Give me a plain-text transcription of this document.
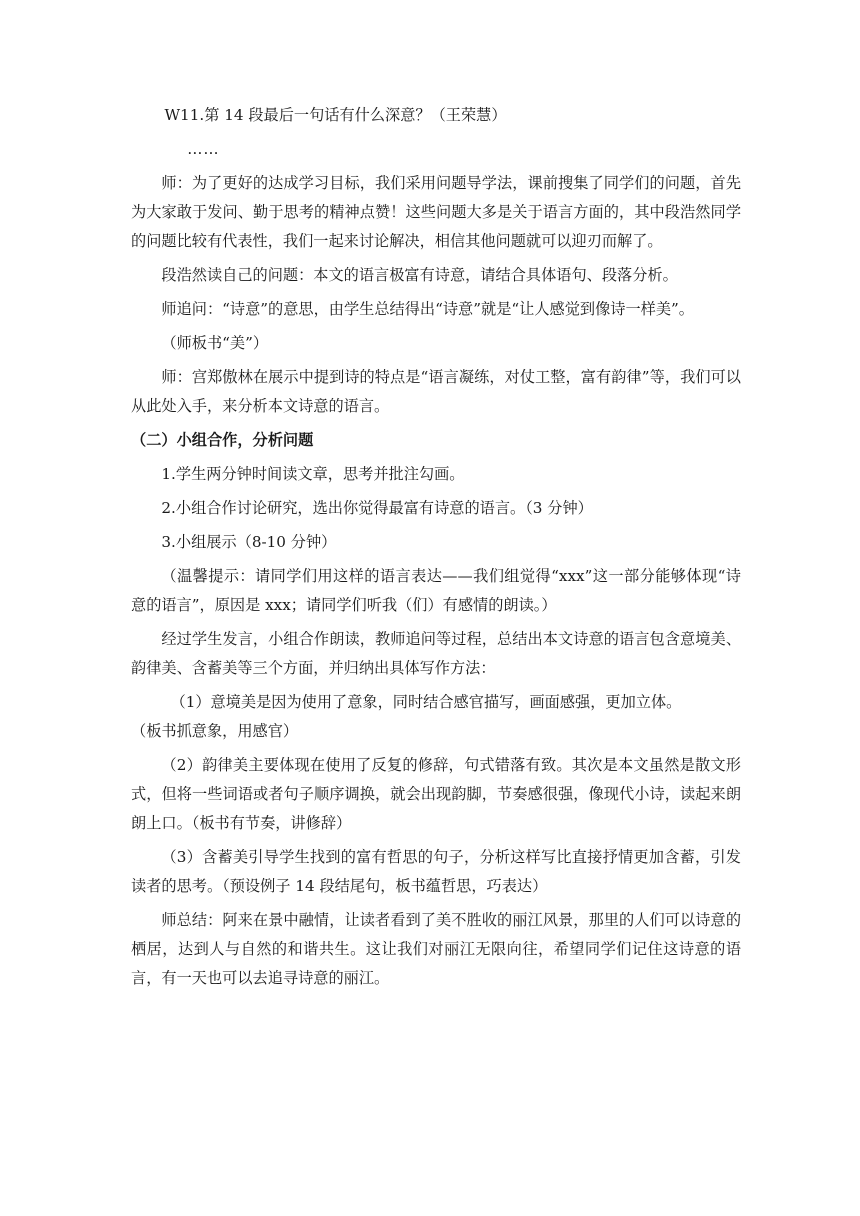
W11.第 14 段最后一句话有什么深意？（王荣慧）
……

师：为了更好的达成学习目标，我们采用问题导学法，课前搜集了同学们的问题，首先为大家敢于发问、勤于思考的精神点赞！这些问题大多是关于语言方面的，其中段浩然同学的问题比较有代表性，我们一起来讨论解决，相信其他问题就可以迎刃而解了。

段浩然读自己的问题：本文的语言极富有诗意，请结合具体语句、段落分析。

师追问：“诗意”的意思，由学生总结得出“诗意”就是“让人感觉到像诗一样美”。

（师板书“美”）

师：宫郑傲林在展示中提到诗的特点是“语言凝练，对仗工整，富有韵律”等，我们可以从此处入手，来分析本文诗意的语言。

（二）小组合作，分析问题

1.学生两分钟时间读文章，思考并批注勾画。

2.小组合作讨论研究，选出你觉得最富有诗意的语言。（3 分钟）

3.小组展示（8-10 分钟）

（温馨提示：请同学们用这样的语言表达——我们组觉得“xxx”这一部分能够体现“诗意的语言”，原因是 xxx；请同学们听我（们）有感情的朗读。）

经过学生发言，小组合作朗读，教师追问等过程，总结出本文诗意的语言包含意境美、韵律美、含蓄美等三个方面，并归纳出具体写作方法：

（1）意境美是因为使用了意象，同时结合感官描写，画面感强，更加立体。
（板书抓意象，用感官）

（2）韵律美主要体现在使用了反复的修辞，句式错落有致。其次是本文虽然是散文形式，但将一些词语或者句子顺序调换，就会出现韵脚，节奏感很强，像现代小诗，读起来朗朗上口。（板书有节奏，讲修辞）

（3）含蓄美引导学生找到的富有哲思的句子，分析这样写比直接抒情更加含蓄，引发读者的思考。（预设例子 14 段结尾句，板书蕴哲思，巧表达）

师总结：阿来在景中融情，让读者看到了美不胜收的丽江风景，那里的人们可以诗意的栖居，达到人与自然的和谐共生。这让我们对丽江无限向往，希望同学们记住这诗意的语言，有一天也可以去追寻诗意的丽江。
